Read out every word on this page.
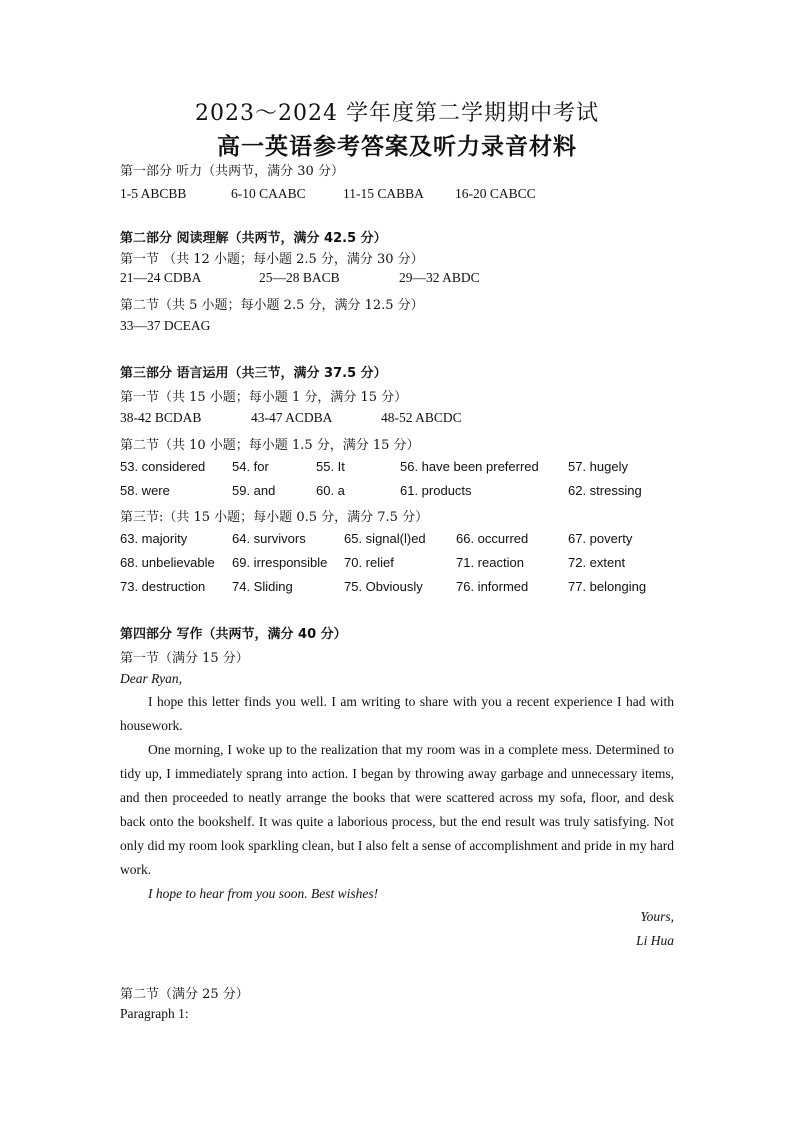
2023～2024 学年度第二学期期中考试
高一英语参考答案及听力录音材料
第一部分 听力（共两节，满分 30 分）
1-5 ABCBB	6-10 CAABC	11-15 CABBA 16-20 CABCC
第二部分 阅读理解（共两节，满分 42.5 分）
第一节 （共 12 小题；每小题 2.5 分，满分 30 分）
21—24 CDBA	25—28 BACB	29—32 ABDC
第二节（共 5 小题；每小题 2.5 分，满分 12.5 分）
33—37 DCEAG
第三部分 语言运用（共三节，满分 37.5 分）
第一节（共 15 小题；每小题 1 分，满分 15 分）
38-42 BCDAB	43-47 ACDBA	48-52 ABCDC
第二节（共 10 小题；每小题 1.5 分，满分 15 分）
53. considered 54. for	55. It	56. have been preferred 57. hugely
58. were	59. and	60. a	61. products	62. stressing
第三节:（共 15 小题；每小题 0.5 分，满分 7.5 分）
63. majority	64. survivors	65. signal(l)ed 66. occurred	67. poverty
68. unbelievable 69. irresponsible 70. relief	71. reaction	72. extent
73. destruction 74. Sliding	75. Obviously	76. informed	77. belonging
第四部分 写作（共两节，满分 40 分）
第一节（满分 15 分）
Dear Ryan,
I hope this letter finds you well. I am writing to share with you a recent experience I had with housework.
One morning, I woke up to the realization that my room was in a complete mess. Determined to tidy up, I immediately sprang into action. I began by throwing away garbage and unnecessary items, and then proceeded to neatly arrange the books that were scattered across my sofa, floor, and desk back onto the bookshelf. It was quite a laborious process, but the end result was truly satisfying. Not only did my room look sparkling clean, but I also felt a sense of accomplishment and pride in my hard work.
I hope to hear from you soon. Best wishes!
Yours,
Li Hua
第二节（满分 25 分）
Paragraph 1:
